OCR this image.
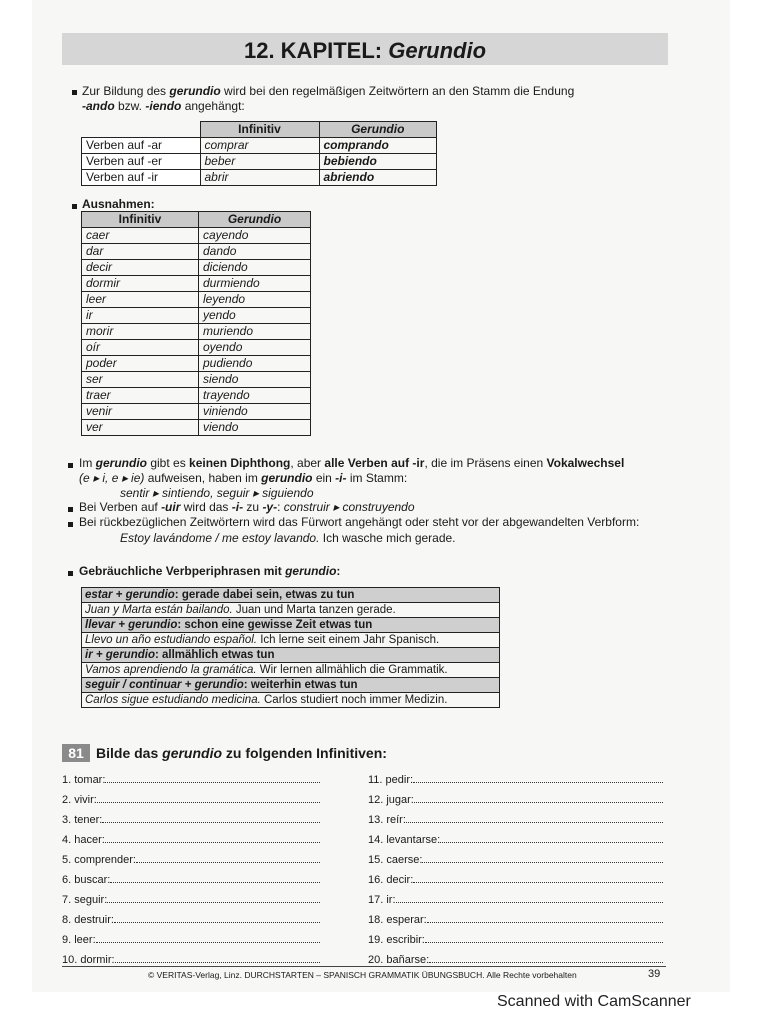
12. KAPITEL: Gerundio
Zur Bildung des gerundio wird bei den regelmäßigen Zeitwörtern an den Stamm die Endung
-ando bzw. -iendo angehängt:
	Infinitiv	Gerundio
Verben auf -ar	comprar	comprando
Verben auf -er	beber	bebiendo
Verben auf -ir	abrir	abriendo
Ausnahmen:
Infinitiv	Gerundio
caer	cayendo
dar	dando
decir	diciendo
dormir	durmiendo
leer	leyendo
ir	yendo
morir	muriendo
oír	oyendo
poder	pudiendo
ser	siendo
traer	trayendo
venir	viniendo
ver	viendo
Im gerundio gibt es keinen Diphthong, aber alle Verben auf -ir, die im Präsens einen Vokalwechsel
(e ▸ i, e ▸ ie) aufweisen, haben im gerundio ein -i- im Stamm:
sentir ▸ sintiendo, seguir ▸ siguiendo
Bei Verben auf -uir wird das -i- zu -y-: construir ▸ construyendo
Bei rückbezüglichen Zeitwörtern wird das Fürwort angehängt oder steht vor der abgewandelten Verbform:
Estoy lavándome / me estoy lavando. Ich wasche mich gerade.
Gebräuchliche Verbperiphrasen mit gerundio:
estar + gerundio: gerade dabei sein, etwas zu tun
Juan y Marta están bailando. Juan und Marta tanzen gerade.
llevar + gerundio: schon eine gewisse Zeit etwas tun
Llevo un año estudiando español. Ich lerne seit einem Jahr Spanisch.
ir + gerundio: allmählich etwas tun
Vamos aprendiendo la gramática. Wir lernen allmählich die Grammatik.
seguir / continuar + gerundio: weiterhin etwas tun
Carlos sigue estudiando medicina. Carlos studiert noch immer Medizin.
81 Bilde das gerundio zu folgenden Infinitiven:
1. tomar:
2. vivir:
3. tener:
4. hacer:
5. comprender:
6. buscar:
7. seguir:
8. destruir:
9. leer:
10. dormir:
11. pedir:
12. jugar:
13. reír:
14. levantarse:
15. caerse:
16. decir:
17. ir:
18. esperar:
19. escribir:
20. bañarse:
© VERITAS-Verlag, Linz. DURCHSTARTEN – SPANISCH GRAMMATIK ÜBUNGSBUCH. Alle Rechte vorbehalten	39
Scanned with CamScanner
